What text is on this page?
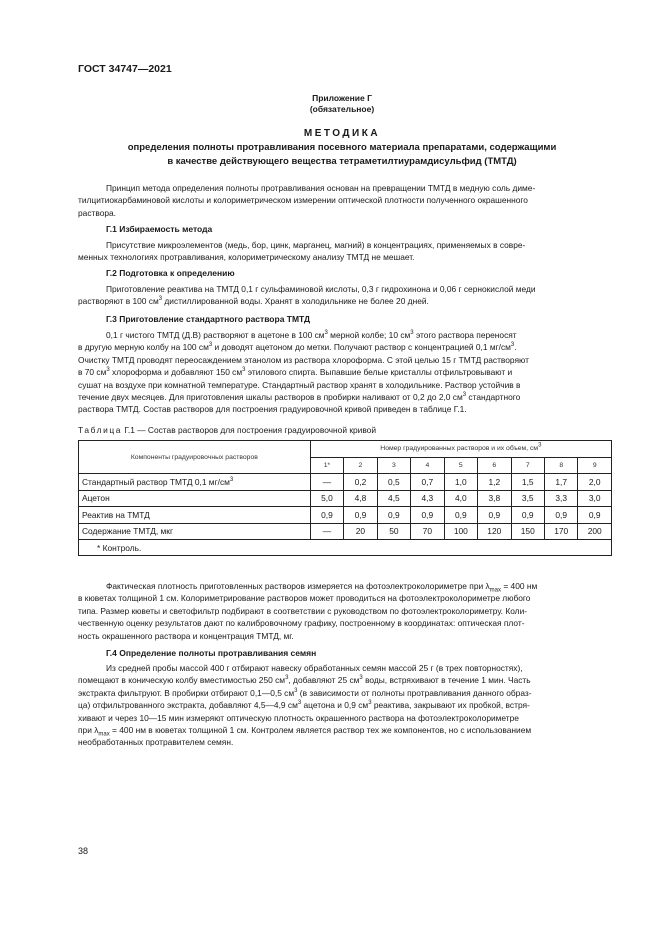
ГОСТ 34747—2021
Приложение Г
(обязательное)
МЕТОДИКА
определения полноты протравливания посевного материала препаратами, содержащими
в качестве действующего вещества тетраметилтиурамдисульфид (ТМТД)

Принцип метода определения полноты протравливания основан на превращении ТМТД в медную соль диме-

тилцитиокарбаминовой кислоты и колориметрическом измерении оптической плотности полученного окрашенного

раствора.

Г.1 Избираемость метода

Присутствие микроэлементов (медь, бор, цинк, марганец, магний) в концентрациях, применяемых в совре-

менных технологиях протравливания, колориметрическому анализу ТМТД не мешает.

Г.2 Подготовка к определению

Приготовление реактива на ТМТД 0,1 г сульфаминовой кислоты, 0,3 г гидрохинона и 0,06 г сернокислой меди

растворяют в 100 $см^3$ дистиллированной воды. Хранят в холодильнике не более 20 дней.

Г.3 Приготовление стандартного раствора ТМТД

0,1 г чистого ТМТД (Д.В) растворяют в ацетоне в 100 $см^3$ мерной колбе; 10 $см^3$ этого раствора переносят

в другую мерную колбу на 100 $см^3$ и доводят ацетоном до метки. Получают раствор с концентрацией 0,1 $мг/см^3$.

Очистку ТМТД проводят переосаждением этанолом из раствора хлороформа. С этой целью 15 г ТМТД растворяют

в 70 $см^3$ хлороформа и добавляют 150 $см^3$ этилового спирта. Выпавшие белые кристаллы отфильтровывают и

сушат на воздухе при комнатной температуре. Стандартный раствор хранят в холодильнике. Раствор устойчив в

течение двух месяцев. Для приготовления шкалы растворов в пробирки наливают от 0,2 до 2,0 $см^3$ стандартного

раствора ТМТД. Состав растворов для построения градуировочной кривой приведен в таблице Г.1.

Таблица Г.1 — Состав растворов для построения градуировочной кривой
Компоненты градуировочных растворов	Номер градуированных растворов и их объем, $см^3$
	1*	2	3	4	5	6	7	8	9
Стандартный раствор ТМТД 0,1 $мг/см^3$	—	0,2	0,5	0,7	1,0	1,2	1,5	1,7	2,0
Ацетон	5,0	4,8	4,5	4,3	4,0	3,8	3,5	3,3	3,0
Реактив на ТМТД	0,9	0,9	0,9	0,9	0,9	0,9	0,9	0,9	0,9
Содержание ТМТД, мкг	—	20	50	70	100	120	150	170	200
* Контроль.									

Фактическая плотность приготовленных растворов измеряется на фотоэлектроколориметре при $\lambda_{max} = 400$ нм

в кюветах толщиной 1 см. Колориметрирование растворов может проводиться на фотоэлектроколориметре любого

типа. Размер кюветы и светофильтр подбирают в соответствии с руководством по фотоэлектроколориметру. Коли-

чественную оценку результатов дают по калибровочному графику, построенному в координатах: оптическая плот-

ность окрашенного раствора и концентрация ТМТД, мг.

Г.4 Определение полноты протравливания семян

Из средней пробы массой 400 г отбирают навеску обработанных семян массой 25 г (в трех повторностях),

помещают в коническую колбу вместимостью 250 $см^3$, добавляют 25 $см^3$ воды, встряхивают в течение 1 мин. Часть

экстракта фильтруют. В пробирки отбирают 0,1—0,5 $см^3$ (в зависимости от полноты протравливания данного образ-

ца) отфильтрованного экстракта, добавляют 4,5—4,9 $см^3$ ацетона и 0,9 $см^3$ реактива, закрывают их пробкой, вcтря-

хивают и через 10—15 мин измеряют оптическую плотность окрашенного раствора на фотоэлектроколориметре

при $\lambda_{max} = 400$ нм в кюветах толщиной 1 см. Контролем является раствор тех же компонентов, но с использованием

необработанных протравителем семян.

38
